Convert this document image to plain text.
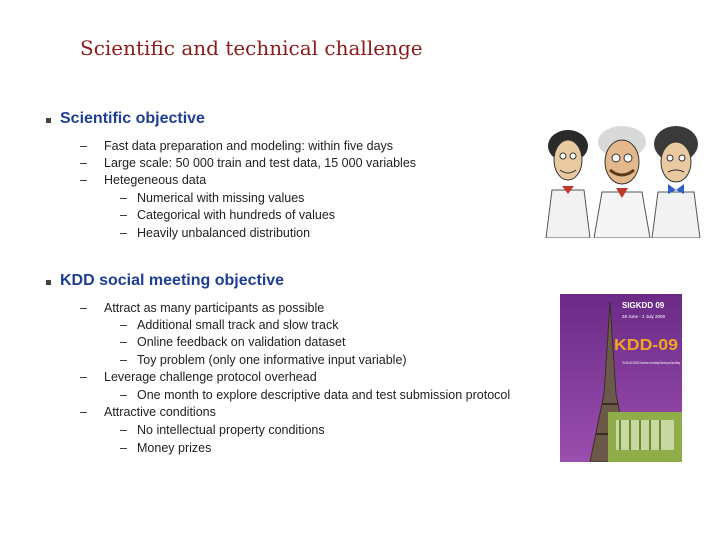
Scientific and technical challenge
Scientific objective
– Fast data preparation and modeling: within five days
– Large scale: 50 000 train and test data, 15 000 variables
– Hetegeneous data
– Numerical with missing values
– Categorical with hundreds of values
– Heavily unbalanced distribution
KDD social meeting objective
– Attract as many participants as possible
– Additional small track and slow track
– Online feedback on validation dataset
– Toy problem (only one informative input variable)
– Leverage challenge protocol overhead
– One month to explore descriptive data and test submission protocol
– Attractive conditions
– No intellectual property conditions
– Money prizes
SIGKDD 09
28 June - 1 July 2009
KDD-09
The 15th ACM SIGKDD Conference on Knowledge Discovery and Data Mining
